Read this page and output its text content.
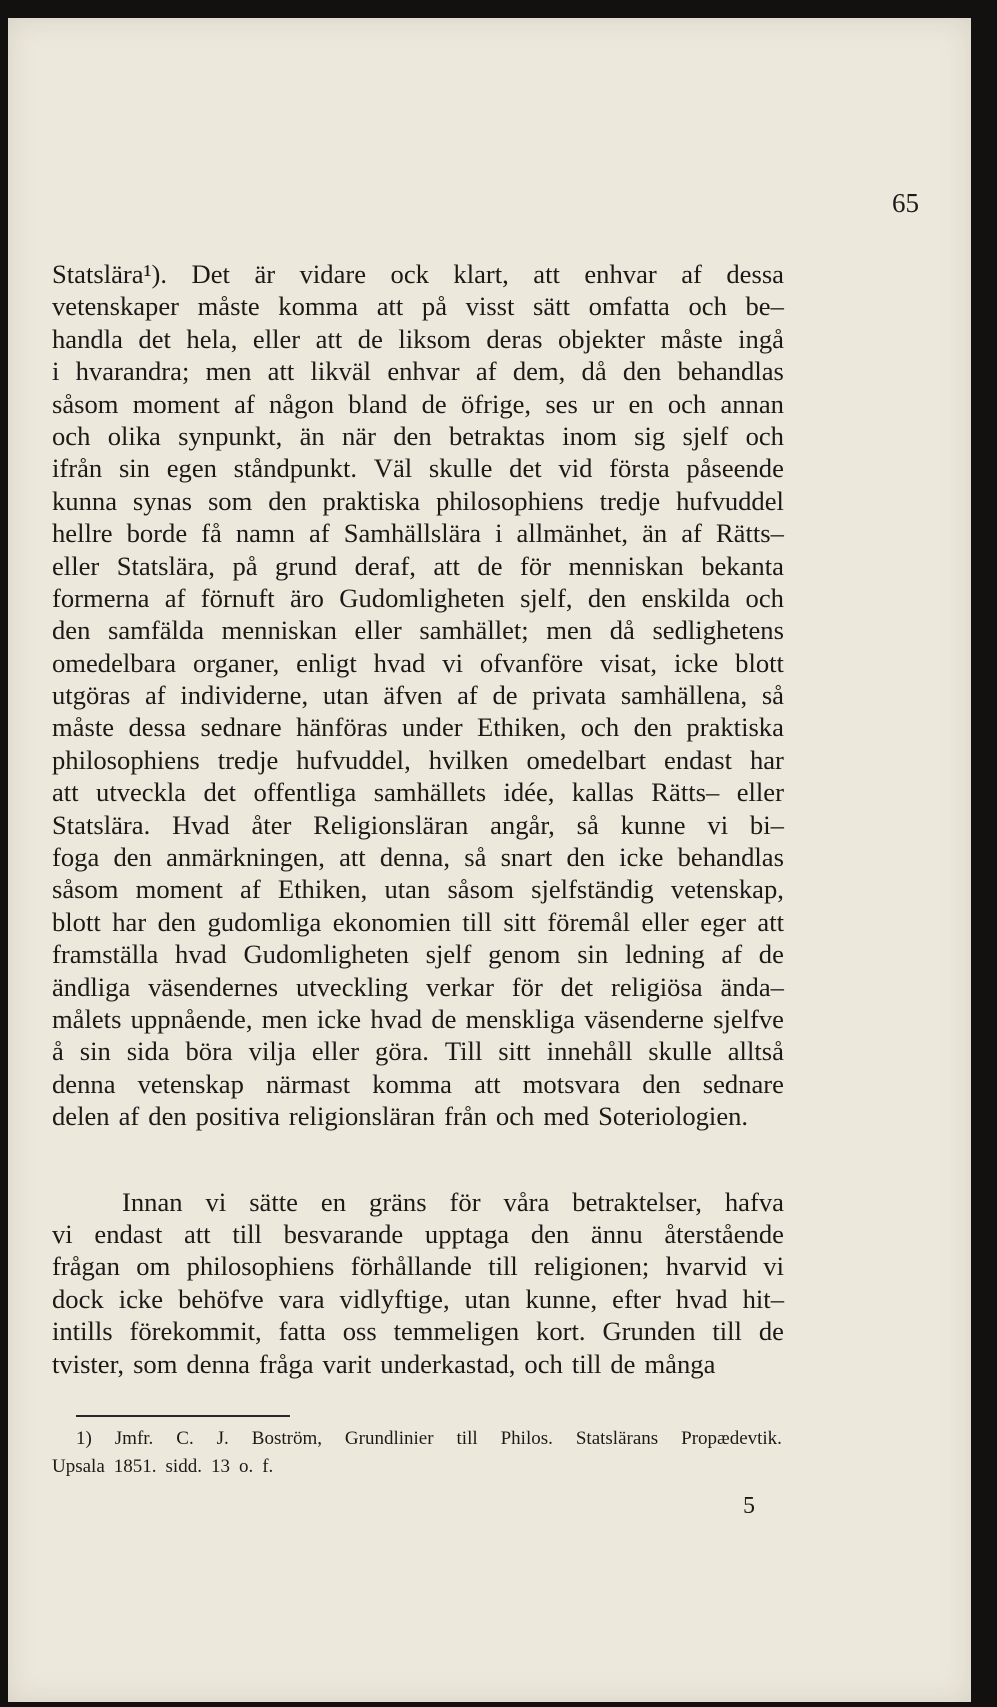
65
Statslära¹). Det är vidare ock klart, att enhvar af dessa
vetenskaper måste komma att på visst sätt omfatta och be–
handla det hela, eller att de liksom deras objekter måste ingå
i hvarandra; men att likväl enhvar af dem, då den behandlas
såsom moment af någon bland de öfrige, ses ur en och annan
och olika synpunkt, än när den betraktas inom sig sjelf och
ifrån sin egen ståndpunkt. Väl skulle det vid första påseende
kunna synas som den praktiska philosophiens tredje hufvuddel
hellre borde få namn af Samhällslära i allmänhet, än af Rätts–
eller Statslära, på grund deraf, att de för menniskan bekanta
formerna af förnuft äro Gudomligheten sjelf, den enskilda och
den samfälda menniskan eller samhället; men då sedlighetens
omedelbara organer, enligt hvad vi ofvanföre visat, icke blott
utgöras af individerne, utan äfven af de privata samhällena, så
måste dessa sednare hänföras under Ethiken, och den praktiska
philosophiens tredje hufvuddel, hvilken omedelbart endast har
att utveckla det offentliga samhällets idée, kallas Rätts– eller
Statslära. Hvad åter Religionsläran angår, så kunne vi bi–
foga den anmärkningen, att denna, så snart den icke behandlas
såsom moment af Ethiken, utan såsom sjelfständig vetenskap,
blott har den gudomliga ekonomien till sitt föremål eller eger att
framställa hvad Gudomligheten sjelf genom sin ledning af de
ändliga väsendernes utveckling verkar för det religiösa ända–
målets uppnående, men icke hvad de menskliga väsenderne sjelfve
å sin sida böra vilja eller göra. Till sitt innehåll skulle alltså
denna vetenskap närmast komma att motsvara den sednare
delen af den positiva religionsläran från och med Soteriologien.
Innan vi sätte en gräns för våra betraktelser, hafva
vi endast att till besvarande upptaga den ännu återstående
frågan om philosophiens förhållande till religionen; hvarvid vi
dock icke behöfve vara vidlyftige, utan kunne, efter hvad hit–
intills förekommit, fatta oss temmeligen kort. Grunden till de
tvister, som denna fråga varit underkastad, och till de många
1) Jmfr. C. J. Boström, Grundlinier till Philos. Statslärans Propædevtik.
Upsala 1851. sidd. 13 o. f.
5
